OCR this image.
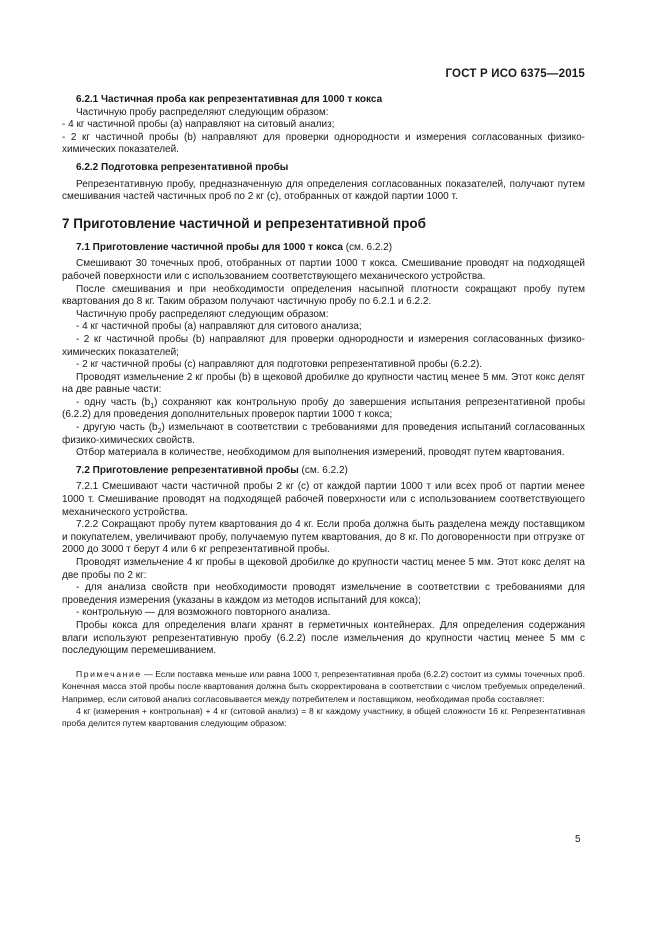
ГОСТ Р ИСО 6375—2015

6.2.1 Частичная проба как репрезентативная для 1000 т кокса

Частичную пробу распределяют следующим образом:

- 4 кг частичной пробы (а) направляют на ситовый анализ;

- 2 кг частичной пробы (b) направляют для проверки однородности и измерения согласованных физико-химических показателей.

6.2.2 Подготовка репрезентативной пробы

Репрезентативную пробу, предназначенную для определения согласованных показателей, получают путем смешивания частей частичных проб по 2 кг (с), отобранных от каждой партии 1000 т.

7 Приготовление частичной и репрезентативной проб

7.1 Приготовление частичной пробы для 1000 т кокса (см. 6.2.2)

Смешивают 30 точечных проб, отобранных от партии 1000 т кокса. Смешивание проводят на подходящей рабочей поверхности или с использованием соответствующего механического устройства.

После смешивания и при необходимости определения насыпной плотности сокращают пробу путем квартования до 8 кг. Таким образом получают частичную пробу по 6.2.1 и 6.2.2.

Частичную пробу распределяют следующим образом:

- 4 кг частичной пробы (а) направляют для ситового анализа;

- 2 кг частичной пробы (b) направляют для проверки однородности и измерения согласованных физико-химических показателей;

- 2 кг частичной пробы (с) направляют для подготовки репрезентативной пробы (6.2.2).

Проводят измельчение 2 кг пробы (b) в щековой дробилке до крупности частиц менее 5 мм. Этот кокс делят на две равные части:

- одну часть $(b_1)$ сохраняют как контрольную пробу до завершения испытания репрезентативной пробы (6.2.2) для проведения дополнительных проверок партии 1000 т кокса;

- другую часть $(b_2)$ измельчают в соответствии с требованиями для проведения испытаний согласованных физико-химических свойств.

Отбор материала в количестве, необходимом для выполнения измерений, проводят путем квартования.

7.2 Приготовление репрезентативной пробы (см. 6.2.2)

7.2.1 Смешивают части частичной пробы 2 кг (с) от каждой партии 1000 т или всех проб от партии менее 1000 т. Смешивание проводят на подходящей рабочей поверхности или с использованием соответствующего механического устройства.

7.2.2 Сокращают пробу путем квартования до 4 кг. Если проба должна быть разделена между поставщиком и покупателем, увеличивают пробу, получаемую путем квартования, до 8 кг. По договоренности при отгрузке от 2000 до 3000 т берут 4 или 6 кг репрезентативной пробы.

Проводят измельчение 4 кг пробы в щековой дробилке до крупности частиц менее 5 мм. Этот кокс делят на две пробы по 2 кг:

- для анализа свойств при необходимости проводят измельчение в соответствии с требованиями для проведения измерения (указаны в каждом из методов испытаний для кокса);

- контрольную — для возможного повторного анализа.

Пробы кокса для определения влаги хранят в герметичных контейнерах. Для определения содержания влаги используют репрезентативную пробу (6.2.2) после измельчения до крупности частиц менее 5 мм с последующим перемешиванием.

Примечание — Если поставка меньше или равна 1000 т, репрезентативная проба (6.2.2) состоит из суммы точечных проб. Конечная масса этой пробы после квартования должна быть скорректирована в соответствии с числом требуемых определений. Например, если ситовой анализ согласовывается между потребителем и поставщиком, необходимая проба составляет:

4 кг (измерения + контрольная) + 4 кг (ситовой анализ) = 8 кг каждому участнику, в общей сложности 16 кг. Репрезентативная проба делится путем квартования следующим образом:

5
